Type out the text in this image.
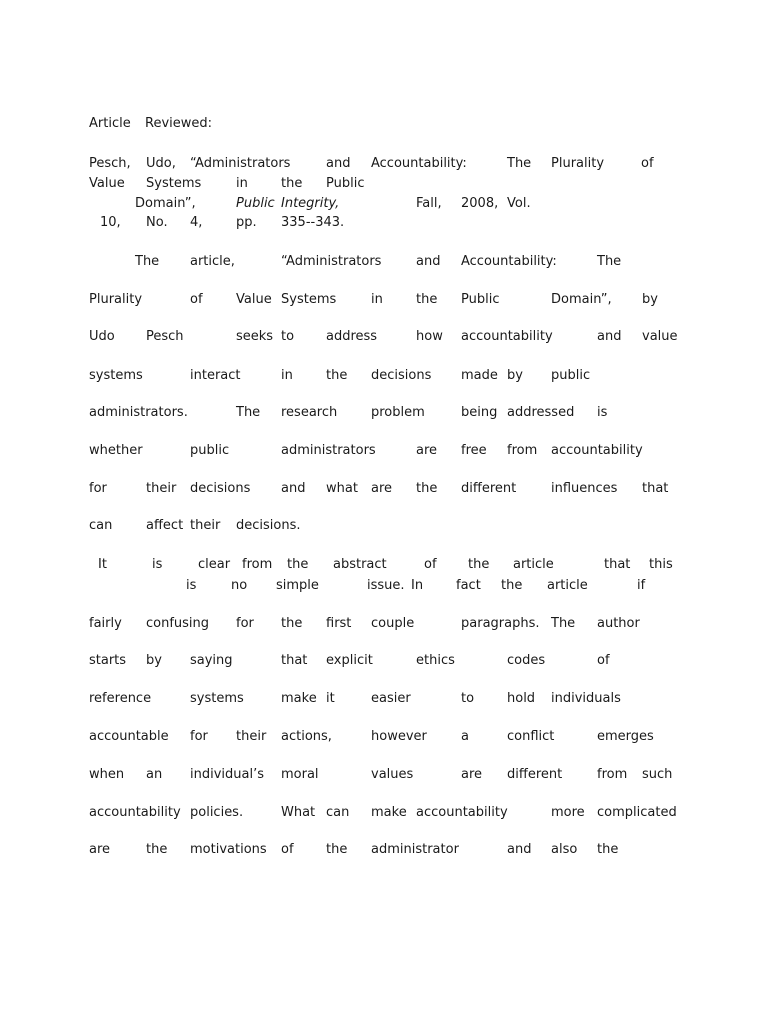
Article Reviewed:
Pesch, Udo, “Administrators	and Accountability:	The Plurality	of
Value Systems	in	the Public
Domain”,	Public Integrity,	Fall, 2008, Vol.
10, No. 4,	pp. 335--343.
The article,	“Administrators	and Accountability:	The
Plurality	of	Value Systems	in	the Public	Domain”, by
Udo Pesch	seeks to address	how accountability	and value
systems	interact	in	the decisions made by public
administrators.	The research	problem	being addressed is
whether	public	administrators	are free from accountability
for	their decisions and what are the different	influences that
can	affect their decisions.
It	is	clear from the abstract	of the article	that this
is	no simple	issue. In	fact the article	if
fairly confusing for the first couple	paragraphs. The author
starts by saying	that explicit	ethics	codes	of
reference	systems	make it	easier	to	hold individuals
accountable for their actions,	however	a	conflict	emerges
when an individual’s moral	values	are different	from such
accountability policies.	What can make accountability	more complicated
are	the motivations of the administrator	and also the
